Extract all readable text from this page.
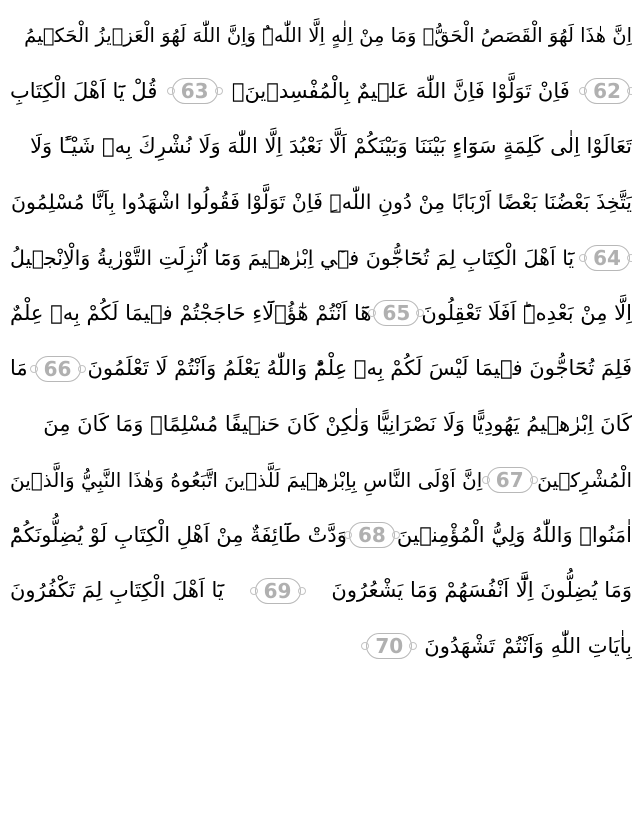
اِنَّ هٰذَا لَهُوَ الْقَصَصُ الْحَقُّۚ وَمَا مِنْ اِلٰهٍ اِلَّا اللّٰهُۜ وَاِنَّ اللّٰهَ لَهُوَ الْعَز۪يزُ الْحَك۪يمُ
62
فَاِنْ تَوَلَّوْا فَاِنَّ اللّٰهَ عَل۪يمٌ بِالْمُفْسِد۪ينَ۟
63
قُلْ يَٓا اَهْلَ الْكِتَابِ
تَعَالَوْا اِلٰى كَلِمَةٍ سَوَٓاءٍ بَيْنَنَا وَبَيْنَكُمْ اَلَّا نَعْبُدَ اِلَّا اللّٰهَ وَلَا نُشْرِكَ بِه۪ شَيْـًٔا وَلَا
يَتَّخِذَ بَعْضُنَا بَعْضًا اَرْبَابًا مِنْ دُونِ اللّٰهِۜ فَاِنْ تَوَلَّوْا فَقُولُوا اشْهَدُوا بِاَنَّا مُسْلِمُونَ
64
يَٓا اَهْلَ الْكِتَابِ لِمَ تُحَٓاجُّونَ ف۪ٓي اِبْرٰه۪يمَ وَمَٓا اُنْزِلَتِ التَّوْرٰيةُ وَالْاِنْج۪يلُ
اِلَّا مِنْ بَعْدِه۪ؕ اَفَلَا تَعْقِلُونَ
65
هَٓا اَنْتُمْ هٰٓؤُ۬لَٓاءِ حَاجَجْتُمْ ف۪يمَا لَكُمْ بِه۪ عِلْمٌ
فَلِمَ تُحَٓاجُّونَ ف۪يمَا لَيْسَ لَكُمْ بِه۪ عِلْمٌؕ وَاللّٰهُ يَعْلَمُ وَاَنْتُمْ لَا تَعْلَمُونَ
66
مَا
كَانَ اِبْرٰه۪يمُ يَهُودِيًّا وَلَا نَصْرَانِيًّا وَلٰكِنْ كَانَ حَن۪يفًا مُسْلِمًاۜ وَمَا كَانَ مِنَ
الْمُشْرِك۪ينَ
67
اِنَّ اَوْلَى النَّاسِ بِاِبْرٰه۪يمَ لَلَّذ۪ينَ اتَّبَعُوهُ وَهٰذَا النَّبِيُّ وَالَّذ۪ينَ
اٰمَنُواۜ وَاللّٰهُ وَلِيُّ الْمُؤْمِن۪ينَ
68
وَدَّتْ طَٓائِفَةٌ مِنْ اَهْلِ الْكِتَابِ لَوْ يُضِلُّونَكُمْؕ
وَمَا يُضِلُّونَ اِلَّٓا اَنْفُسَهُمْ وَمَا يَشْعُرُونَ
69
يَٓا اَهْلَ الْكِتَابِ لِمَ تَكْفُرُونَ
بِاٰيَاتِ اللّٰهِ وَاَنْتُمْ تَشْهَدُونَ
70
